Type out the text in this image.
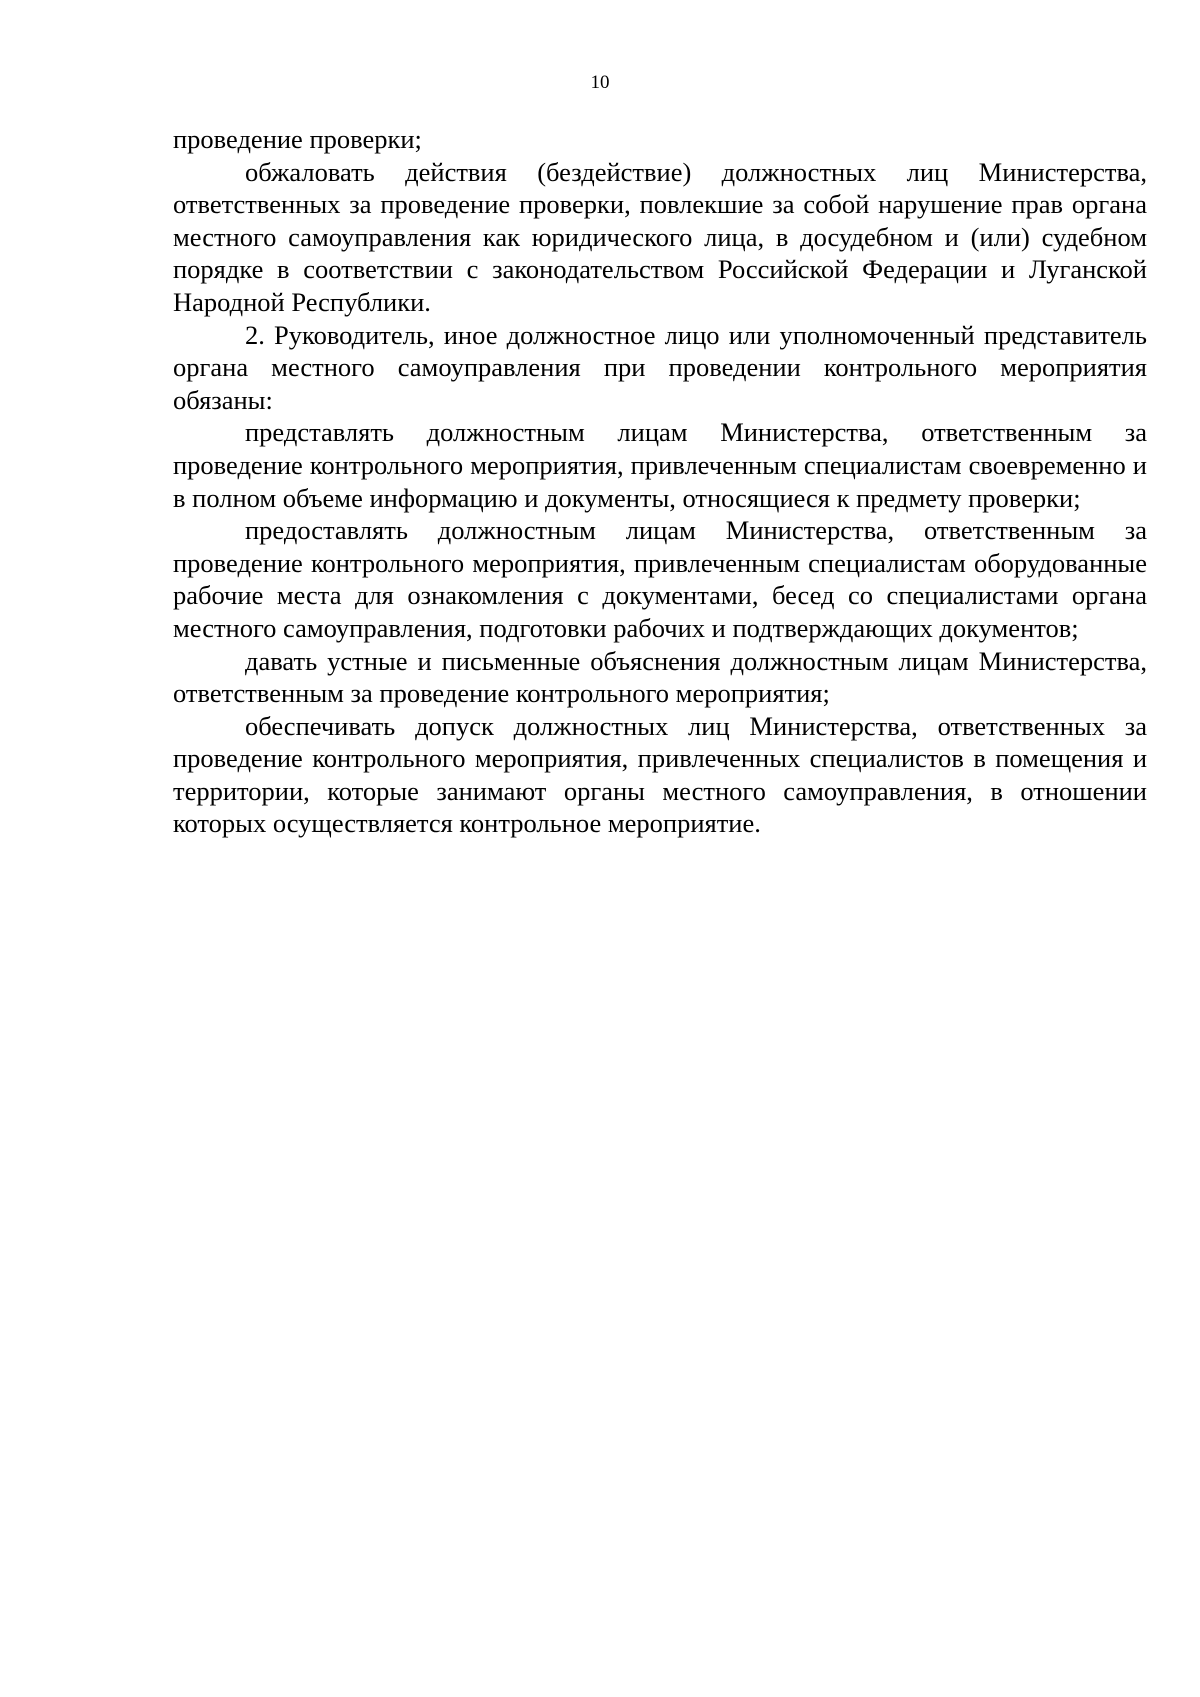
10

проведение проверки;

обжаловать действия (бездействие) должностных лиц Министерства, ответственных за проведение проверки, повлекшие за собой нарушение прав органа местного самоуправления как юридического лица, в досудебном и (или) судебном порядке в соответствии с законодательством Российской Федерации и Луганской Народной Республики.

2. Руководитель, иное должностное лицо или уполномоченный представитель органа местного самоуправления при проведении контрольного мероприятия обязаны:

представлять должностным лицам Министерства, ответственным за проведение контрольного мероприятия, привлеченным специалистам своевременно и в полном объеме информацию и документы, относящиеся к предмету проверки;

предоставлять должностным лицам Министерства, ответственным за проведение контрольного мероприятия, привлеченным специалистам оборудованные рабочие места для ознакомления с документами, бесед со специалистами органа местного самоуправления, подготовки рабочих и подтверждающих документов;

давать устные и письменные объяснения должностным лицам Министерства, ответственным за проведение контрольного мероприятия;

обеспечивать допуск должностных лиц Министерства, ответственных за проведение контрольного мероприятия, привлеченных специалистов в помещения и территории, которые занимают органы местного самоуправления, в отношении которых осуществляется контрольное мероприятие.
